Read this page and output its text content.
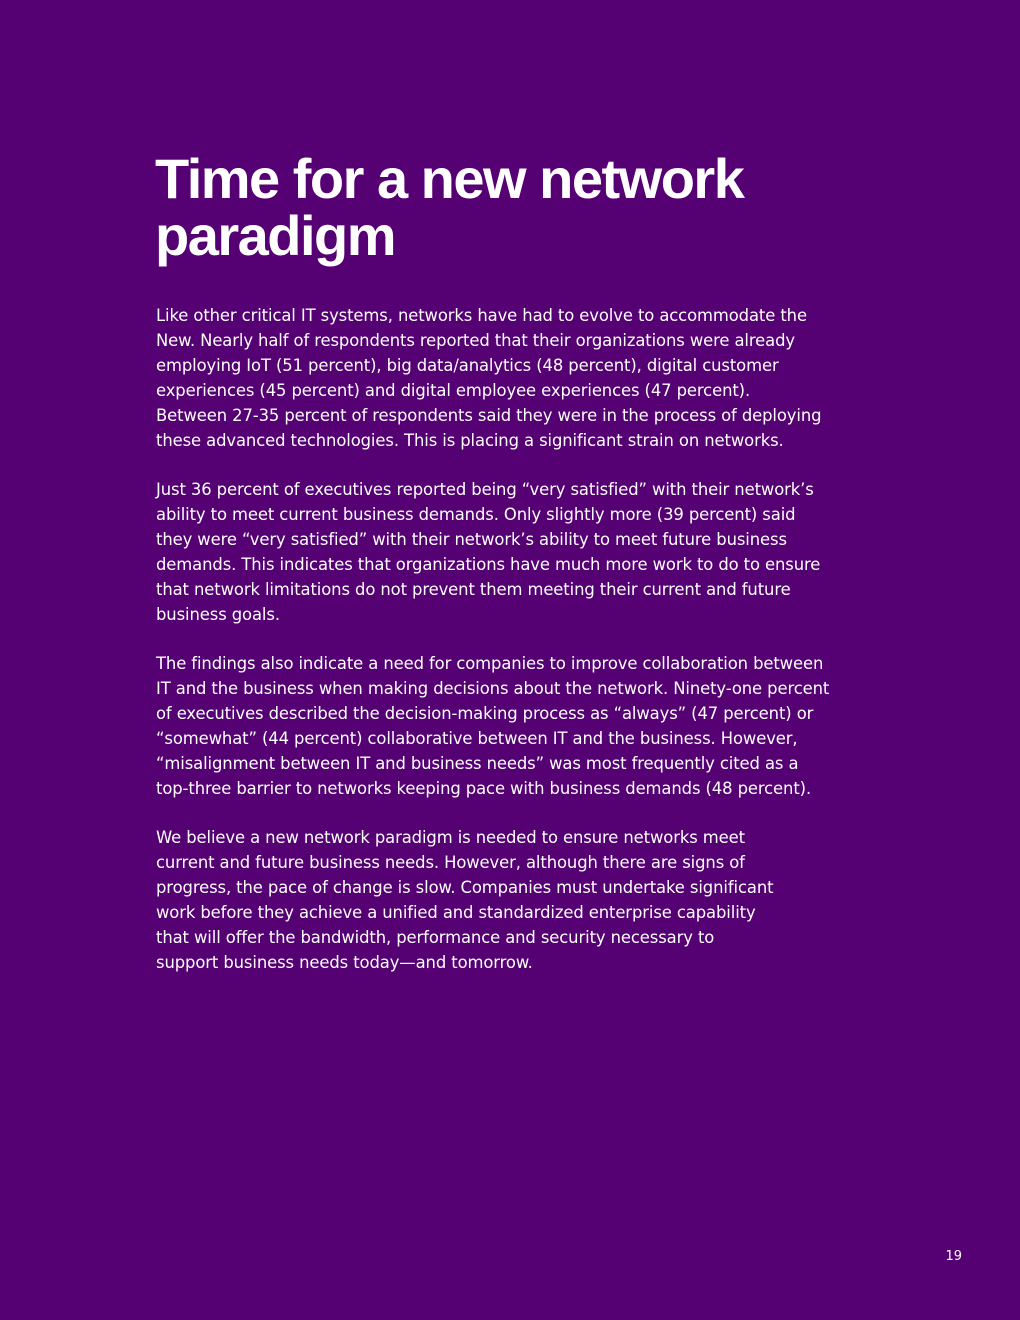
Time for a new network
paradigm

Like other critical IT systems, networks have had to evolve to accommodate the
New. Nearly half of respondents reported that their organizations were already
employing IoT (51 percent), big data/analytics (48 percent), digital customer
experiences (45 percent) and digital employee experiences (47 percent).
Between 27-35 percent of respondents said they were in the process of deploying
these advanced technologies. This is placing a significant strain on networks.

Just 36 percent of executives reported being “very satisfied” with their network’s
ability to meet current business demands. Only slightly more (39 percent) said
they were “very satisfied” with their network’s ability to meet future business
demands. This indicates that organizations have much more work to do to ensure
that network limitations do not prevent them meeting their current and future
business goals.

The findings also indicate a need for companies to improve collaboration between
IT and the business when making decisions about the network. Ninety-one percent
of executives described the decision-making process as “always” (47 percent) or
“somewhat” (44 percent) collaborative between IT and the business. However,
“misalignment between IT and business needs” was most frequently cited as a
top-three barrier to networks keeping pace with business demands (48 percent).

We believe a new network paradigm is needed to ensure networks meet
current and future business needs. However, although there are signs of
progress, the pace of change is slow. Companies must undertake significant
work before they achieve a unified and standardized enterprise capability
that will offer the bandwidth, performance and security necessary to
support business needs today—and tomorrow.

19
